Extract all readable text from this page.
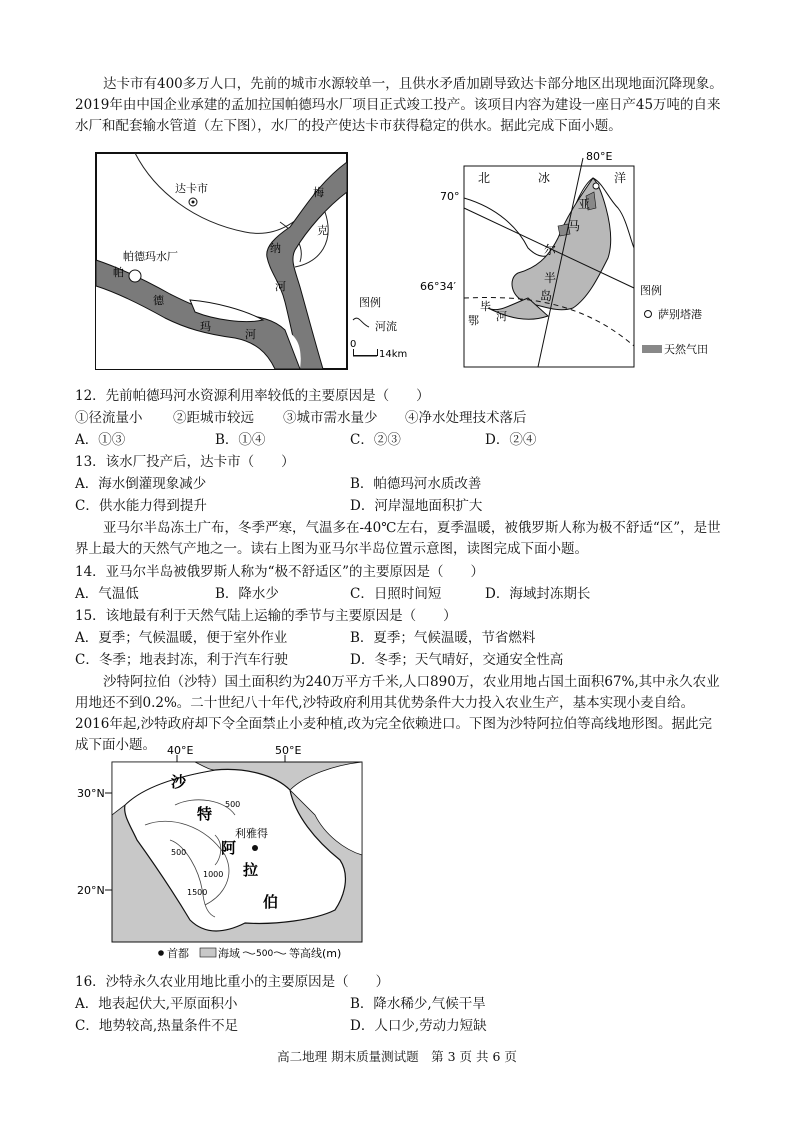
达卡市有400多万人口，先前的城市水源较单一，且供水矛盾加剧导致达卡部分地区出现地面沉降现象。2019年由中国企业承建的孟加拉国帕德玛水厂项目正式竣工投产。该项目内容为建设一座日产45万吨的自来水厂和配套输水管道（左下图），水厂的投产使达卡市获得稳定的供水。据此完成下面小题。
达卡市
帕德玛水厂
梅
克
纳
河
帕
德
玛
河
图例
河流
0
14km
80°E
70°
66°34′
北	冰	洋
亚
马
尔
半
岛
毕
河
鄂
图例
萨别塔港
天然气田
12．先前帕德玛河水资源利用率较低的主要原因是（　　）
①径流量小 ②距城市较远 ③城市需水量少 ④净水处理技术落后
A．①③	B．①④	C．②③	D．②④
13．该水厂投产后，达卡市（　　）
A．海水倒灌现象减少	B．帕德玛河水质改善
C．供水能力得到提升	D．河岸湿地面积扩大
亚马尔半岛冻土广布，冬季严寒，气温多在-40℃左右，夏季温暖，被俄罗斯人称为极不舒适“区”，是世界上最大的天然气产地之一。读右上图为亚马尔半岛位置示意图，读图完成下面小题。
14．亚马尔半岛被俄罗斯人称为“极不舒适区”的主要原因是（　　）
A．气温低	B．降水少	C．日照时间短	D．海域封冻期长
15．该地最有利于天然气陆上运输的季节与主要原因是（　　）
A．夏季；气候温暖，便于室外作业	B．夏季；气候温暖，节省燃料
C．冬季；地表封冻，利于汽车行驶	D．冬季；天气晴好，交通安全性高
沙特阿拉伯（沙特）国土面积约为240万平方千米,人口890万，农业用地占国土面积67%,其中永久农业用地还不到0.2%。二十世纪八十年代,沙特政府利用其优势条件大力投入农业生产，基本实现小麦自给。2016年起,沙特政府却下令全面禁止小麦种植,改为完全依赖进口。下图为沙特阿拉伯等高线地形图。据此完成下面小题。	40°E	50°E
30°N
20°N
沙
特
阿
拉
伯
利雅得
500
500
1000
1500
首都	海域 500 等高线(m)
16．沙特永久农业用地比重小的主要原因是（　　）
A．地表起伏大,平原面积小	B．降水稀少,气候干旱
C．地势较高,热量条件不足	D．人口少,劳动力短缺
高二地理 期末质量测试题　第 3 页 共 6 页
